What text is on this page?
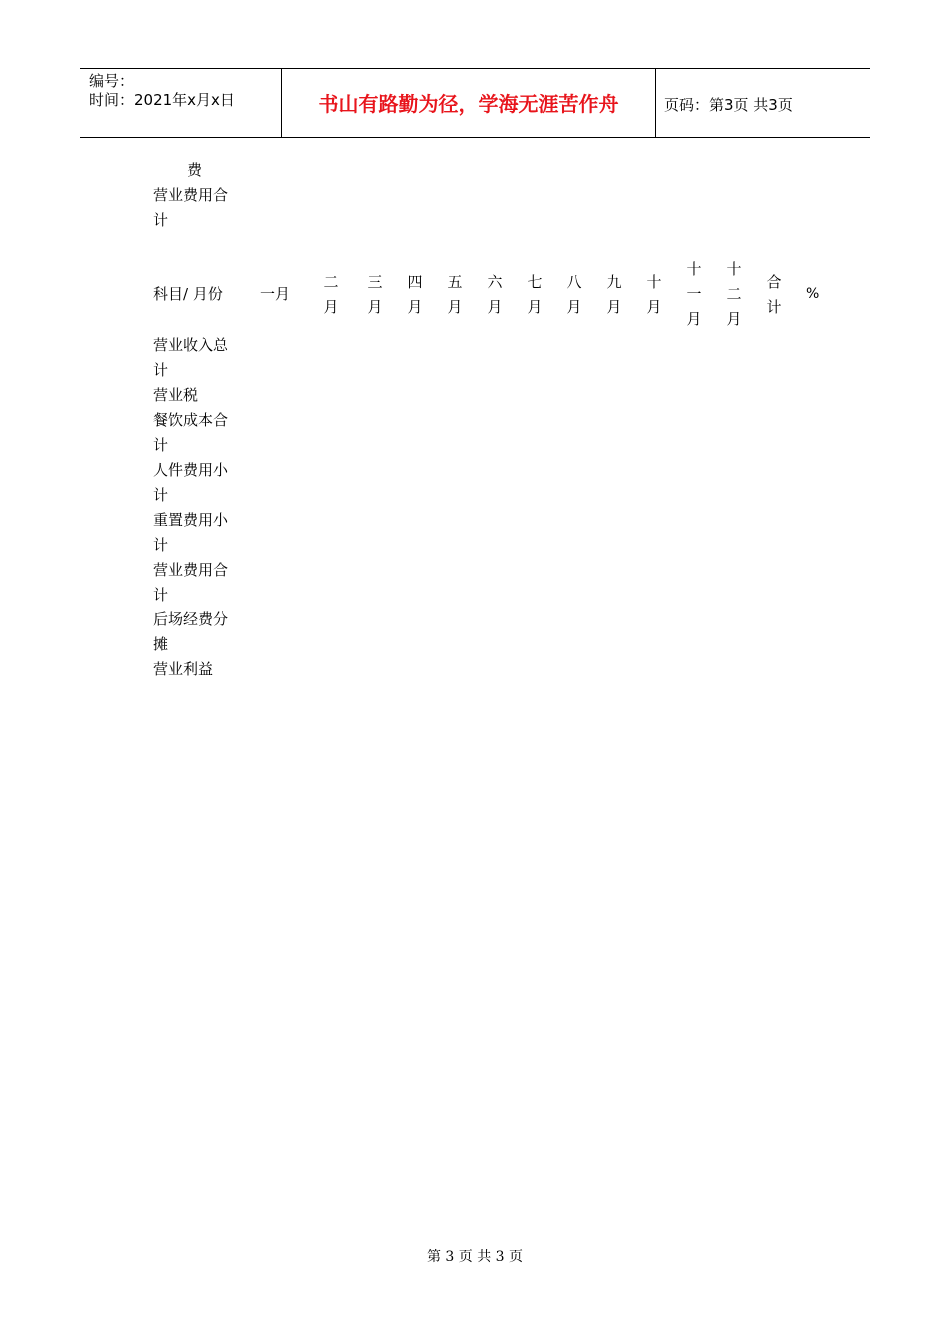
编号：
时间：2021年x月x日	书山有路勤为径，学海无涯苦作舟	页码：第3页 共3页
费
营业费用合
计
科目/ 月份 一月
二
月
三
月
四
月
五
月
六
月
七
月
八
月
九
月
十
月
十
一
月
十
二
月
合
计
%
营业收入总
计
营业税
餐饮成本合
计
人件费用小
计
重置费用小
计
营业费用合
计
后场经费分
摊
营业利益
第 3 页 共 3 页
